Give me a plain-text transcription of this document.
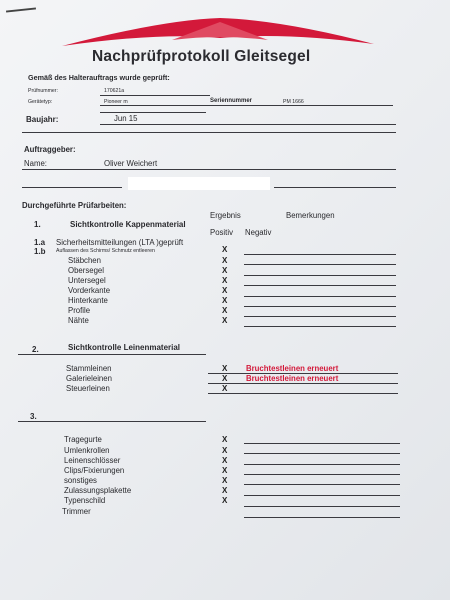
Nachprüfprotokoll Gleitsegel
Gemäß des Halterauftrags wurde geprüft:
Prüfnummer:	170621a
Gerätetyp:	Pioneer m	Seriennummer	PM 1666
Baujahr:	Jun 15
Auftraggeber:
Name:	Oliver Weichert
Durchgeführte Prüfarbeiten:
Ergebnis	Bemerkungen
1.	Sichtkontrolle Kappenmaterial
Positiv Negativ
1.a Sicherheitsmitteilungen (LTA )geprüft
1.b Auflassen des Schirms/ Schmutz entleeren	X
Stäbchen	X
Obersegel	X
Untersegel	X
Vorderkante	X
Hinterkante	X
Profile	X
Nähte	X
2.	Sichtkontrolle Leinenmaterial
Stammleinen	X Bruchtestleinen erneuert
Galerieleinen	X Bruchtestleinen erneuert
Steuerleinen	X
3.
Tragegurte	X
Umlenkrollen	X
Leinenschlösser	X
Clips/Fixierungen	X
sonstiges	X
Zulassungsplakette	X
Typenschild	X
Trimmer
